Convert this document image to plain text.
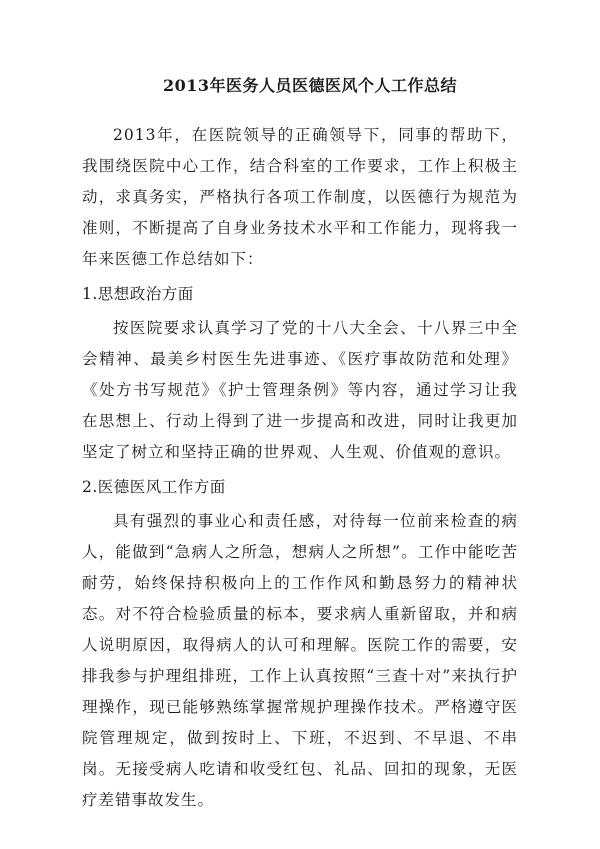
2013年医务人员医德医风个人工作总结

2013年，在医院领导的正确领导下，同事的帮助下，我围绕医院中心工作，结合科室的工作要求，工作上积极主动，求真务实，严格执行各项工作制度，以医德行为规范为准则，不断提高了自身业务技术水平和工作能力，现将我一年来医德工作总结如下：

1.思想政治方面

按医院要求认真学习了党的十八大全会、十八界三中全会精神、最美乡村医生先进事迹、《医疗事故防范和处理》《处方书写规范》《护士管理条例》等内容，通过学习让我在思想上、行动上得到了进一步提高和改进，同时让我更加坚定了树立和坚持正确的世界观、人生观、价值观的意识。

2.医德医风工作方面

具有强烈的事业心和责任感，对待每一位前来检查的病人，能做到“急病人之所急，想病人之所想”。工作中能吃苦耐劳，始终保持积极向上的工作作风和勤恳努力的精神状态。对不符合检验质量的标本，要求病人重新留取，并和病人说明原因，取得病人的认可和理解。医院工作的需要，安排我参与护理组排班，工作上认真按照“三查十对”来执行护理操作，现已能够熟练掌握常规护理操作技术。严格遵守医院管理规定，做到按时上、下班，不迟到、不早退、不串岗。无接受病人吃请和收受红包、礼品、回扣的现象，无医疗差错事故发生。
